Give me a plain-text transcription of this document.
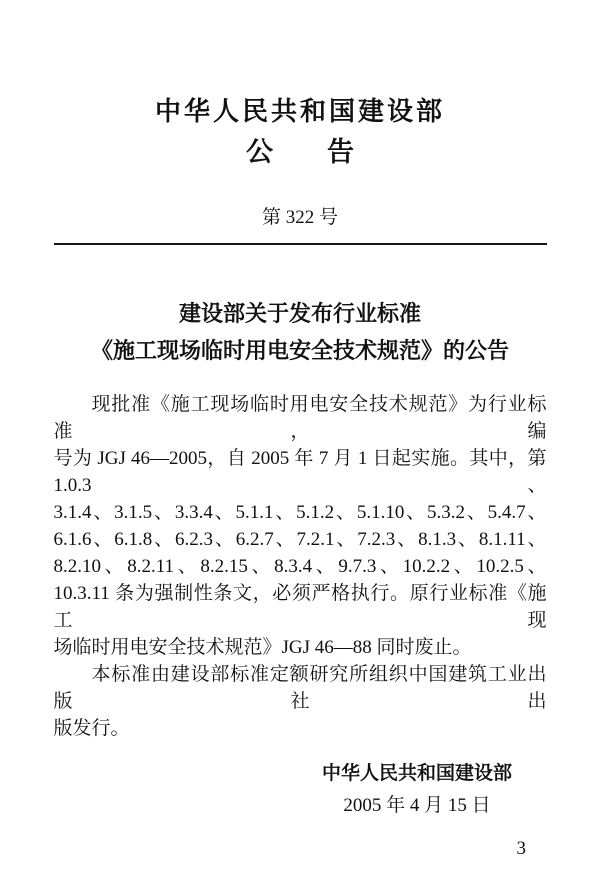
中华人民共和国建设部
公　　告
第 322 号
建设部关于发布行业标准
《施工现场临时用电安全技术规范》的公告
现批准《施工现场临时用电安全技术规范》为行业标准，编
号为 JGJ 46—2005，自 2005 年 7 月 1 日起实施。其中，第 1.0.3、
3.1.4、3.1.5、3.3.4、5.1.1、5.1.2、5.1.10、5.3.2、5.4.7、
6.1.6、6.1.8、6.2.3、6.2.7、7.2.1、7.2.3、8.1.3、8.1.11、
8.2.10、8.2.11、8.2.15、8.3.4、9.7.3、10.2.2、10.2.5、
10.3.11 条为强制性条文，必须严格执行。原行业标准《施工现
场临时用电安全技术规范》JGJ 46—88 同时废止。
本标准由建设部标准定额研究所组织中国建筑工业出版社出
版发行。
中华人民共和国建设部
2005 年 4 月 15 日
3
